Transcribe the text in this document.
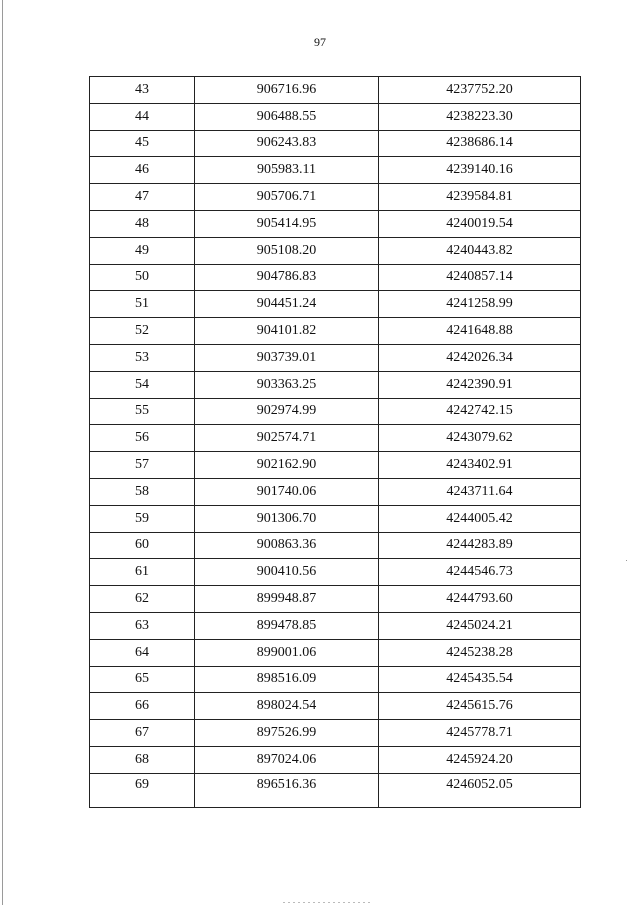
97
43	906716.96	4237752.20
44	906488.55	4238223.30
45	906243.83	4238686.14
46	905983.11	4239140.16
47	905706.71	4239584.81
48	905414.95	4240019.54
49	905108.20	4240443.82
50	904786.83	4240857.14
51	904451.24	4241258.99
52	904101.82	4241648.88
53	903739.01	4242026.34
54	903363.25	4242390.91
55	902974.99	4242742.15
56	902574.71	4243079.62
57	902162.90	4243402.91
58	901740.06	4243711.64
59	901306.70	4244005.42
60	900863.36	4244283.89
61	900410.56	4244546.73
62	899948.87	4244793.60
63	899478.85	4245024.21
64	899001.06	4245238.28
65	898516.09	4245435.54
66	898024.54	4245615.76
67	897526.99	4245778.71
68	897024.06	4245924.20
69	896516.36	4246052.05
